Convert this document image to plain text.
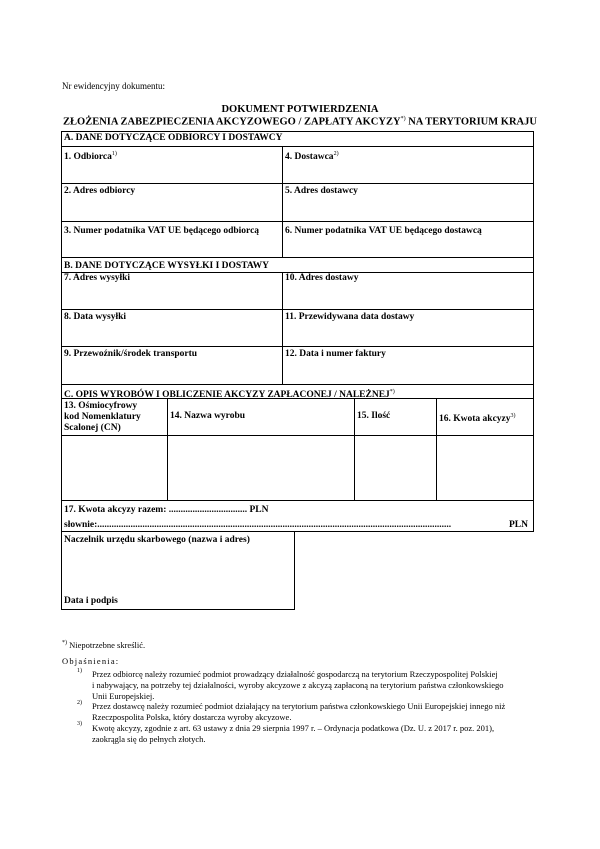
Nr ewidencyjny dokumentu:
DOKUMENT POTWIERDZENIA
ZŁOŻENIA ZABEZPIECZENIA AKCYZOWEGO / ZAPŁATY AKCYZY*) NA TERYTORIUM KRAJU
A. DANE DOTYCZĄCE ODBIORCY I DOSTAWCY
1. Odbiorca$^{1)}$	4. Dostawca$^{2)}$
2. Adres odbiorcy	5. Adres dostawcy
3. Numer podatnika VAT UE będącego odbiorcą	6. Numer podatnika VAT UE będącego dostawcą
B. DANE DOTYCZĄCE WYSYŁKI I DOSTAWY
7. Adres wysyłki	10. Adres dostawy
8. Data wysyłki	11. Przewidywana data dostawy
9. Przewoźnik/środek transportu	12. Data i numer faktury
C. OPIS WYROBÓW I OBLICZENIE AKCYZY ZAPŁACONEJ / NALEŻNEJ*)
13. Ośmiocyfrowy
kod Nomenklatury
Scalonej (CN)
14. Nazwa wyrobu	15. Ilość	16. Kwota akcyzy$^{3)}$
17. Kwota akcyzy razem: ................................. PLN
słownie:.....................................................................................................................................................	PLN
Naczelnik urzędu skarbowego (nazwa i adres)
Data i podpis
*) Niepotrzebne skreślić.
Objaśnienia:
1) Przez odbiorcę należy rozumieć podmiot prowadzący działalność gospodarczą na terytorium Rzeczypospolitej Polskiej
i nabywający, na potrzeby tej działalności, wyroby akcyzowe z akcyzą zapłaconą na terytorium państwa członkowskiego
Unii Europejskiej.
2) Przez dostawcę należy rozumieć podmiot działający na terytorium państwa członkowskiego Unii Europejskiej innego niż
Rzeczpospolita Polska, który dostarcza wyroby akcyzowe.
3) Kwotę akcyzy, zgodnie z art. 63 ustawy z dnia 29 sierpnia 1997 r. – Ordynacja podatkowa (Dz. U. z 2017 r. poz. 201),
zaokrągla się do pełnych złotych.
